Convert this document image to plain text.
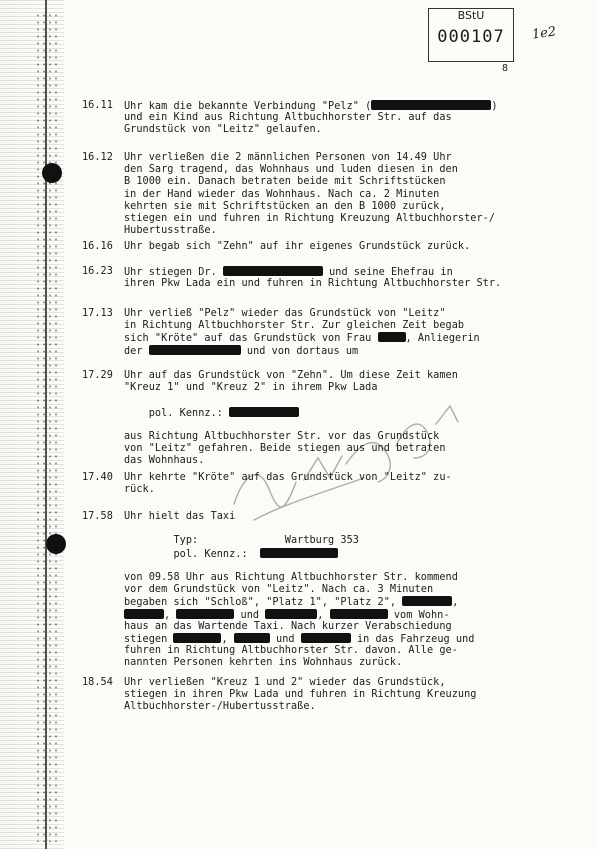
BStU
000107	1e2
8
16.11 Uhr kam die bekannte Verbindung "Pelz" (	)
und ein Kind aus Richtung Altbuchhorster Str. auf das
Grundstück von "Leitz" gelaufen.
16.12 Uhr verließen die 2 männlichen Personen von 14.49 Uhr
den Sarg tragend, das Wohnhaus und luden diesen in den
B 1000 ein. Danach betraten beide mit Schriftstücken
in der Hand wieder das Wohnhaus. Nach ca. 2 Minuten
kehrten sie mit Schriftstücken an den B 1000 zurück,
stiegen ein und fuhren in Richtung Kreuzung Altbuchhorster-/
Hubertusstraße.
16.16 Uhr begab sich "Zehn" auf ihr eigenes Grundstück zurück.
16.23 Uhr stiegen Dr.	und seine Ehefrau in
ihren Pkw Lada ein und fuhren in Richtung Altbuchhorster Str.
17.13 Uhr verließ "Pelz" wieder das Grundstück von "Leitz"
in Richtung Altbuchhorster Str. Zur gleichen Zeit begab
sich "Kröte" auf das Grundstück von Frau	, Anliegerin
der	und von dortaus um
17.29 Uhr auf das Grundstück von "Zehn". Um diese Zeit kamen
"Kreuz 1" und "Kreuz 2" in ihrem Pkw Lada
pol. Kennz.:
aus Richtung Altbuchhorster Str. vor das Grundstück
von "Leitz" gefahren. Beide stiegen aus und betraten
das Wohnhaus.
17.40 Uhr kehrte "Kröte" auf das Grundstück von "Leitz" zu-
rück.
17.58 Uhr hielt das Taxi
Typ:              Wartburg 353
pol. Kennz.:
von 09.58 Uhr aus Richtung Altbuchhorster Str. kommend
vor dem Grundstück von "Leitz". Nach ca. 3 Minuten
begaben sich "Schloß", "Platz 1", "Platz 2",	,
,	und	,	vom Wohn-
haus an das Wartende Taxi. Nach kurzer Verabschiedung
stiegen	,	und	in das Fahrzeug und
fuhren in Richtung Altbuchhorster Str. davon. Alle ge-
nannten Personen kehrten ins Wohnhaus zurück.
18.54 Uhr verließen "Kreuz 1 und 2" wieder das Grundstück,
stiegen in ihren Pkw Lada und fuhren in Richtung Kreuzung
Altbuchhorster-/Hubertusstraße.
